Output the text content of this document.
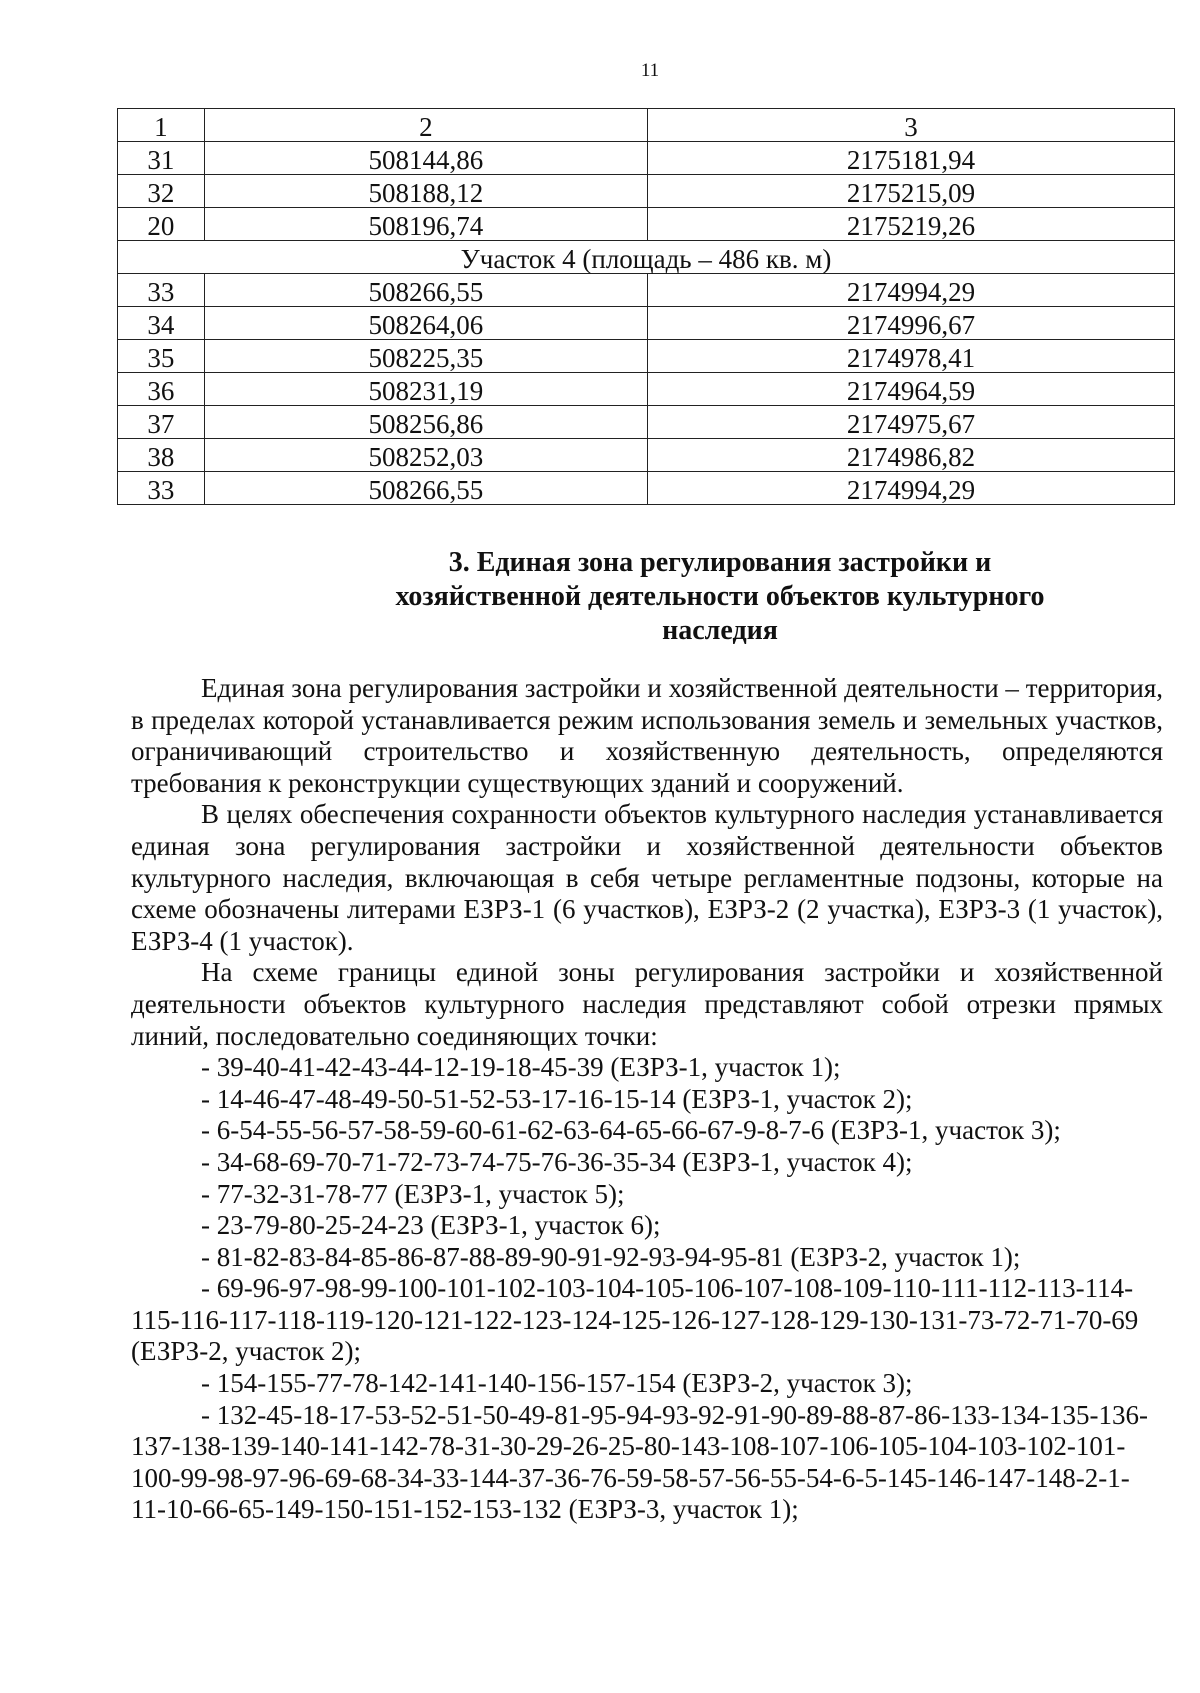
11
1	2	3
31	508144,86	2175181,94
32	508188,12	2175215,09
20	508196,74	2175219,26
Участок 4 (площадь – 486 кв. м)		
33	508266,55	2174994,29
34	508264,06	2174996,67
35	508225,35	2174978,41
36	508231,19	2174964,59
37	508256,86	2174975,67
38	508252,03	2174986,82
33	508266,55	2174994,29
3. Единая зона регулирования застройки и
хозяйственной деятельности объектов культурного
наследия

Единая зона регулирования застройки и хозяйственной деятельности – территория, в пределах которой устанавливается режим использования земель и земельных участков, ограничивающий строительство и хозяйственную деятельность, определяются требования к реконструкции существующих зданий и сооружений.

В целях обеспечения сохранности объектов культурного наследия устанавливается единая зона регулирования застройки и хозяйственной деятельности объектов культурного наследия, включающая в себя четыре регламентные подзоны, которые на схеме обозначены литерами ЕЗРЗ-1 (6 участков), ЕЗРЗ-2 (2 участка), ЕЗРЗ-3 (1 участок), ЕЗРЗ-4 (1 участок).

На схеме границы единой зоны регулирования застройки и хозяйственной деятельности объектов культурного наследия представляют собой отрезки прямых линий, последовательно соединяющих точки:

- 39-40-41-42-43-44-12-19-18-45-39 (ЕЗРЗ-1, участок 1);
- 14-46-47-48-49-50-51-52-53-17-16-15-14 (ЕЗРЗ-1, участок 2);
- 6-54-55-56-57-58-59-60-61-62-63-64-65-66-67-9-8-7-6 (ЕЗРЗ-1, участок 3);
- 34-68-69-70-71-72-73-74-75-76-36-35-34 (ЕЗРЗ-1, участок 4);
- 77-32-31-78-77 (ЕЗРЗ-1, участок 5);
- 23-79-80-25-24-23 (ЕЗРЗ-1, участок 6);
- 81-82-83-84-85-86-87-88-89-90-91-92-93-94-95-81 (ЕЗРЗ-2, участок 1);
- 69-96-97-98-99-100-101-102-103-104-105-106-107-108-109-110-111-112-113-114-115-116-117-118-119-120-121-122-123-124-125-126-127-128-129-130-131-73-72-71-70-69 (ЕЗРЗ-2, участок 2);
- 154-155-77-78-142-141-140-156-157-154 (ЕЗРЗ-2, участок 3);
- 132-45-18-17-53-52-51-50-49-81-95-94-93-92-91-90-89-88-87-86-133-134-135-136-137-138-139-140-141-142-78-31-30-29-26-25-80-143-108-107-106-105-104-103-102-101-100-99-98-97-96-69-68-34-33-144-37-36-76-59-58-57-56-55-54-6-5-145-146-147-148-2-1-11-10-66-65-149-150-151-152-153-132 (ЕЗРЗ-3, участок 1);
